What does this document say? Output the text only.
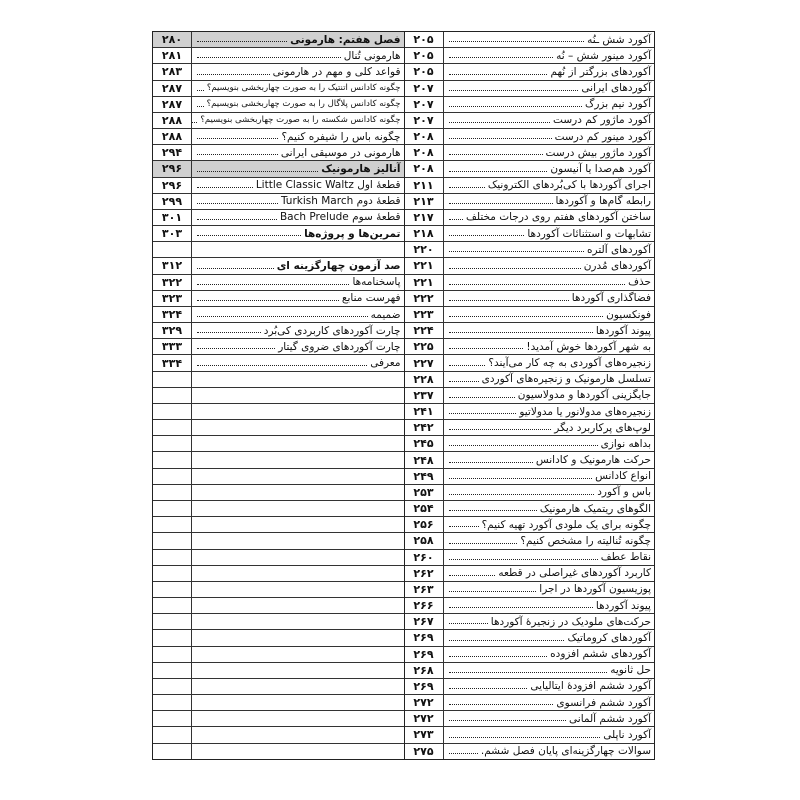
آکورد شش ـنُه
۲۰۵
آکورد مینور شش – نُه
۲۰۵
آکوردهای بزرگتر از نُهم
۲۰۵
آکوردهای ایرانی
۲۰۷
آکورد نیم بزرگ
۲۰۷
آکورد ماژور کم درست
۲۰۷
آکورد مینور کم درست
۲۰۸
آکورد ماژور بیش درست
۲۰۸
آکورد هم‌صدا یا آنیسون
۲۰۸
اجرای آکوردها با کی‌بُردهای الکترونیک
۲۱۱
رابطه گام‌ها و آکوردها
۲۱۳
ساختن آکوردهای هفتم روی درجات مختلف
۲۱۷
تشابهات و استثنائات آکوردها
۲۱۸
آکوردهای آلتره
۲۲۰
آکوردهای مُدرن
۲۲۱
حذف
۲۲۱
فضاگذاری آکوردها
۲۲۲
فونکسیون
۲۲۳
پیوند آکوردها
۲۲۴
به شهر آکوردها خوش آمدید!
۲۲۵
زنجیره‌های آکوردی به چه کار می‌آیند؟
۲۲۷
تسلسل هارمونیک و زنجیره‌های آکوردی
۲۲۸
جایگزینی آکوردها و مدولاسیون
۲۳۷
زنجیره‌های مدولانور یا مدولاتیو
۲۴۱
لوپ‌های پرکاربرد دیگر
۲۴۲
بداهه نوازی
۲۴۵
حرکت هارمونیک و کادانس
۲۴۸
انواع کادانس
۲۴۹
باس و آکورد
۲۵۳
الگوهای ریتمیک هارمونیک
۲۵۴
چگونه برای یک ملودی آکورد تهیه کنیم؟
۲۵۶
چگونه تُنالیته را مشخص کنیم؟
۲۵۸
نقاط عطف
۲۶۰
کاربرد آکوردهای غیراصلی در قطعه
۲۶۲
پوزیسیون آکوردها در اجرا
۲۶۳
پیوند آکوردها
۲۶۶
حرکت‌های ملودیک در زنجیرهٔ آکوردها
۲۶۷
آکوردهای کروماتیک
۲۶۹
آکوردهای ششم افزوده
۲۶۹
حل ثانویه
۲۶۸
آکورد ششم افزودهٔ ایتالیایی
۲۶۹
آکورد ششم فرانسوی
۲۷۲
آکورد ششم آلمانی
۲۷۲
آکورد ناپلی
۲۷۳
سوالات چهارگزینه‌ای پایان فصل ششم.
۲۷۵
فصل هفتم: هارمونی
۲۸۰
هارمونی تُنال
۲۸۱
قواعد کلی و مهم در هارمونی
۲۸۳
چگونه کادانس اتنتیک را به صورت چهاربخشی بنویسیم؟
۲۸۷
چگونه کادانس پلاگال را به صورت چهاربخشی بنویسیم؟
۲۸۷
چگونه کادانس شکسته را به صورت چهاربخشی بنویسیم؟
۲۸۸
چگونه باس را شیفره کنیم؟
۲۸۸
هارمونی در موسیقی ایرانی
۲۹۴
آنالیز هارمونیک
۲۹۶
قطعهٔ اول Little Classic Waltz
۲۹۶
قطعهٔ دوم Turkish March
۲۹۹
قطعهٔ سوم Bach Prelude
۳۰۱
تمرین‌ها و پروژه‌ها
۳۰۳
صد آزمون چهارگزینه ای
۳۱۲
پاسخنامه‌ها
۳۲۲
فهرست منابع
۳۲۳
ضمیمه
۳۲۴
چارت آکوردهای کاربردی کی‌بُرد
۳۲۹
چارت آکوردهای ضروی گیتار
۳۳۳
معرفی
۳۳۴
